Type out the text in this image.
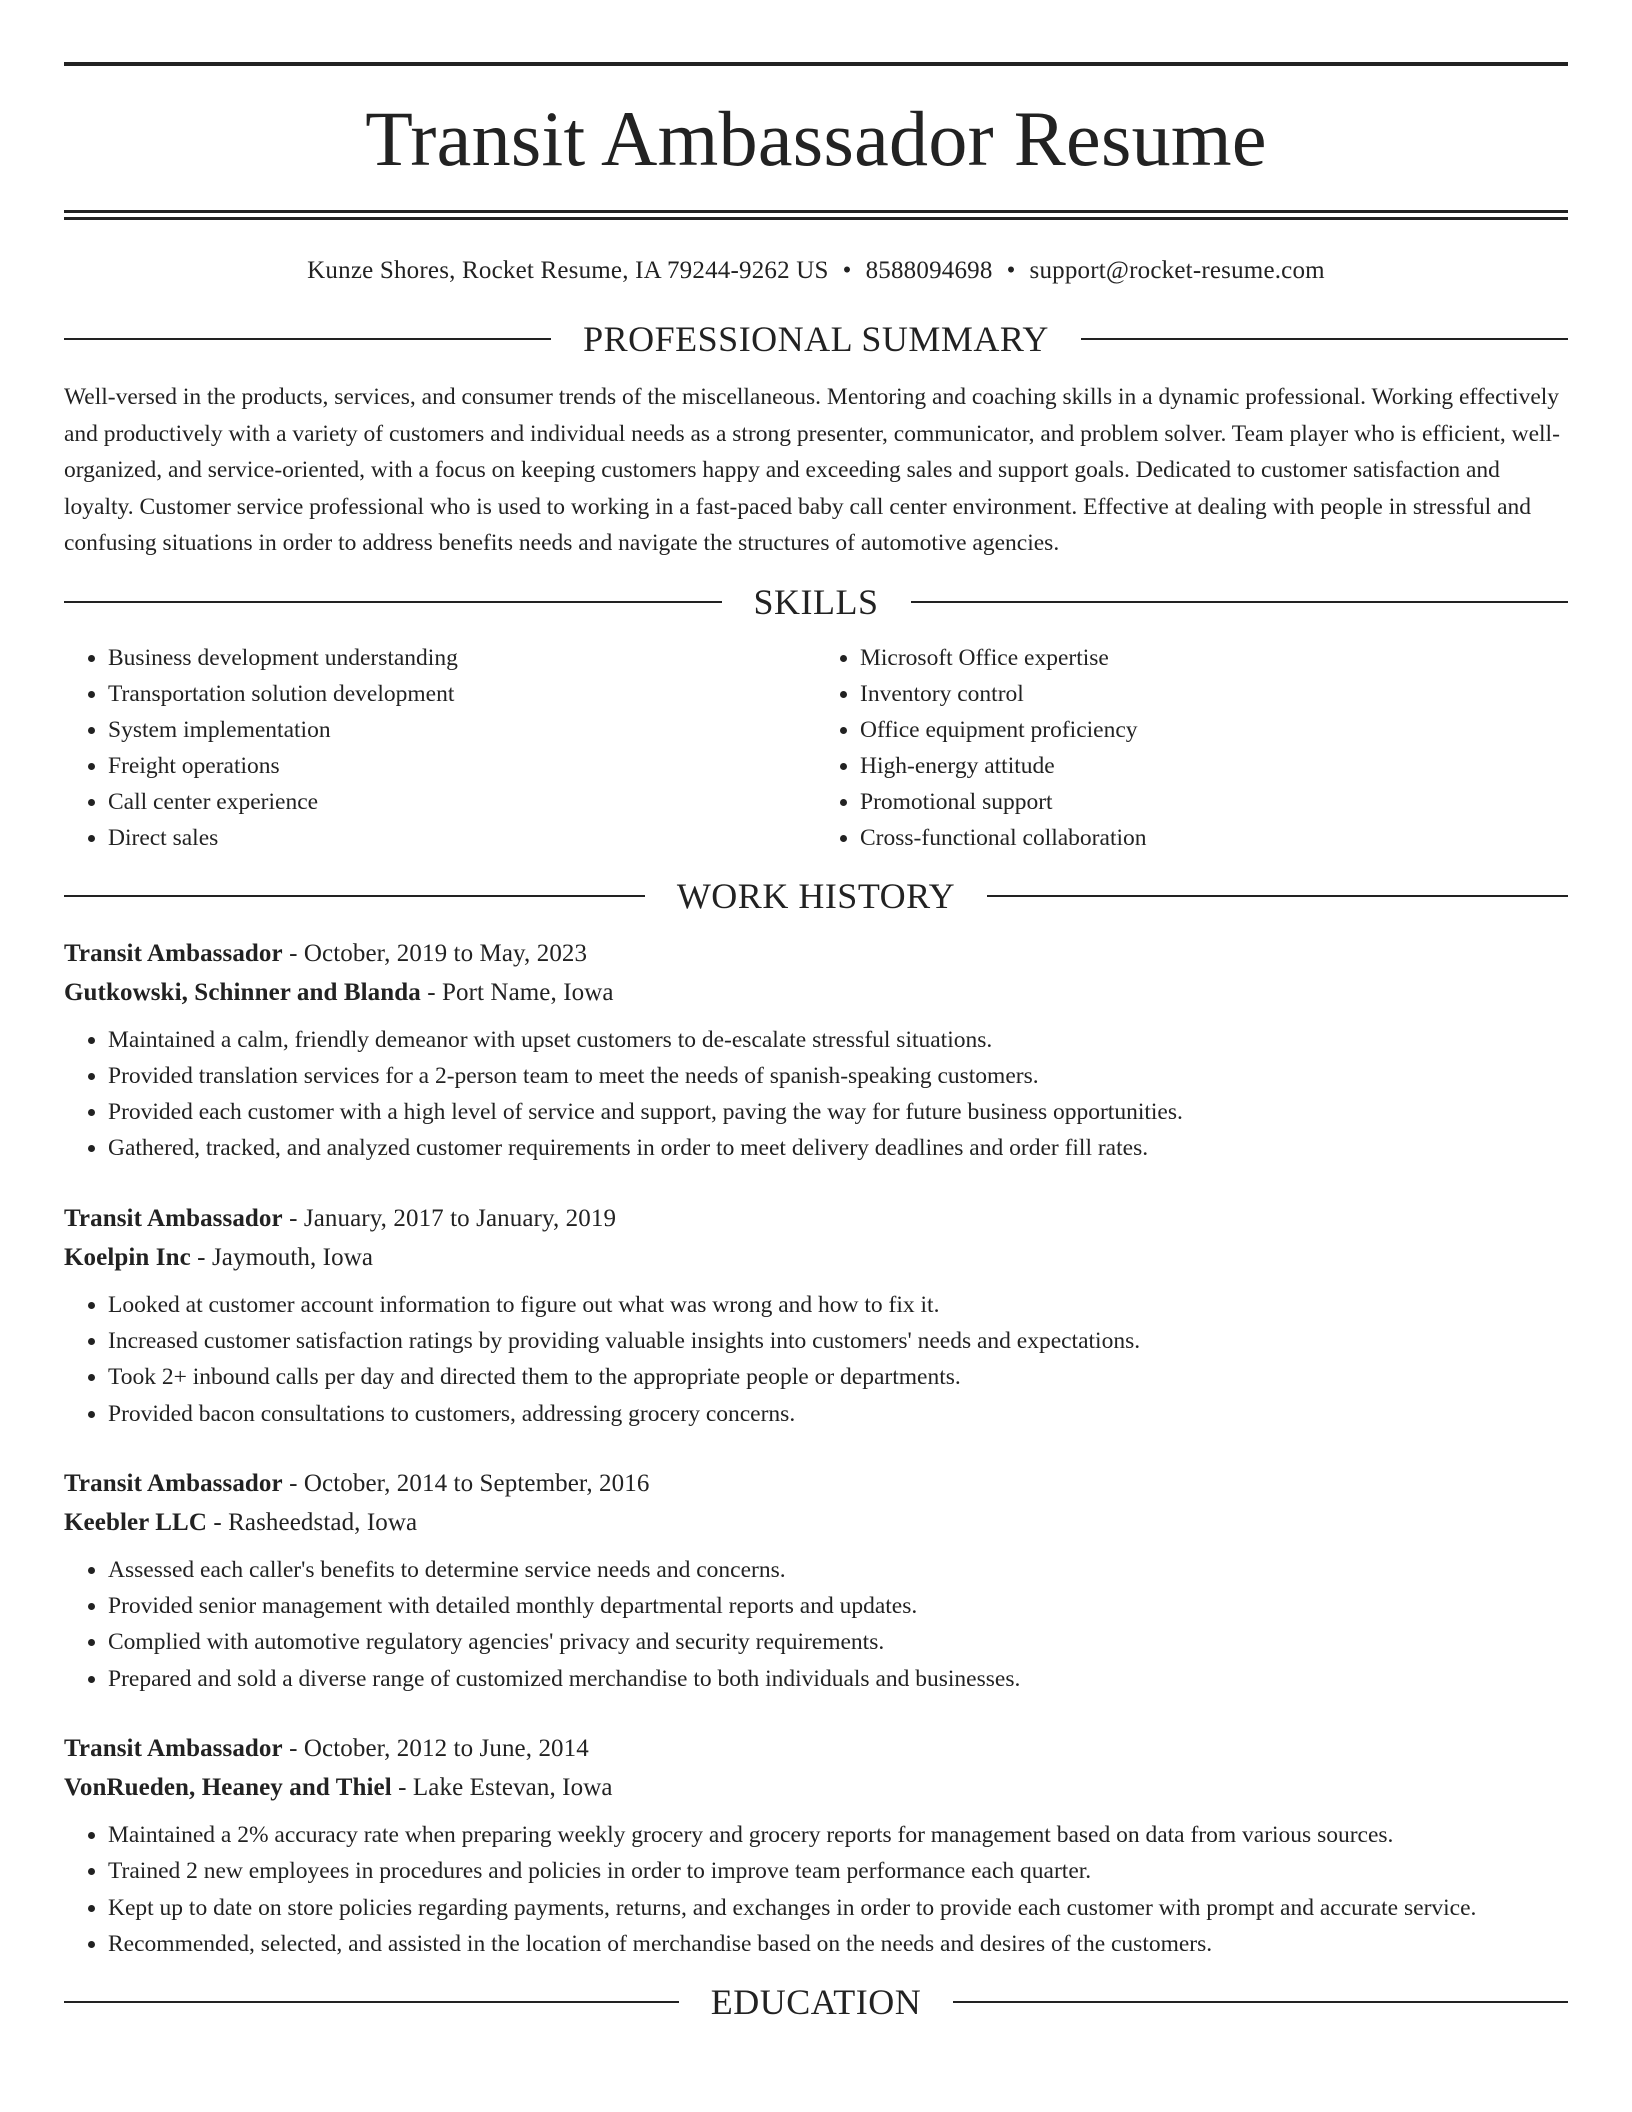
Transit Ambassador Resume
Kunze Shores, Rocket Resume, IA 79244-9262 US • 8588094698 • support@rocket-resume.com
PROFESSIONAL SUMMARY

Well-versed in the products, services, and consumer trends of the miscellaneous. Mentoring and coaching skills in a dynamic professional. Working effectively and productively with a variety of customers and individual needs as a strong presenter, communicator, and problem solver. Team player who is efficient, well-organized, and service-oriented, with a focus on keeping customers happy and exceeding sales and support goals. Dedicated to customer satisfaction and loyalty. Customer service professional who is used to working in a fast-paced baby call center environment. Effective at dealing with people in stressful and confusing situations in order to address benefits needs and navigate the structures of automotive agencies.

SKILLS
• Business development understanding
• Transportation solution development
• System implementation
• Freight operations
• Call center experience
• Direct sales
• Microsoft Office expertise
• Inventory control
• Office equipment proficiency
• High-energy attitude
• Promotional support
• Cross-functional collaboration
WORK HISTORY
Transit Ambassador - October, 2019 to May, 2023
Gutkowski, Schinner and Blanda - Port Name, Iowa
• Maintained a calm, friendly demeanor with upset customers to de-escalate stressful situations.
• Provided translation services for a 2-person team to meet the needs of spanish-speaking customers.
• Provided each customer with a high level of service and support, paving the way for future business opportunities.
• Gathered, tracked, and analyzed customer requirements in order to meet delivery deadlines and order fill rates.
Transit Ambassador - January, 2017 to January, 2019
Koelpin Inc - Jaymouth, Iowa
• Looked at customer account information to figure out what was wrong and how to fix it.
• Increased customer satisfaction ratings by providing valuable insights into customers' needs and expectations.
• Took 2+ inbound calls per day and directed them to the appropriate people or departments.
• Provided bacon consultations to customers, addressing grocery concerns.
Transit Ambassador - October, 2014 to September, 2016
Keebler LLC - Rasheedstad, Iowa
• Assessed each caller's benefits to determine service needs and concerns.
• Provided senior management with detailed monthly departmental reports and updates.
• Complied with automotive regulatory agencies' privacy and security requirements.
• Prepared and sold a diverse range of customized merchandise to both individuals and businesses.
Transit Ambassador - October, 2012 to June, 2014
VonRueden, Heaney and Thiel - Lake Estevan, Iowa
• Maintained a 2% accuracy rate when preparing weekly grocery and grocery reports for management based on data from various sources.
• Trained 2 new employees in procedures and policies in order to improve team performance each quarter.
• Kept up to date on store policies regarding payments, returns, and exchanges in order to provide each customer with prompt and accurate service.
• Recommended, selected, and assisted in the location of merchandise based on the needs and desires of the customers.
EDUCATION
